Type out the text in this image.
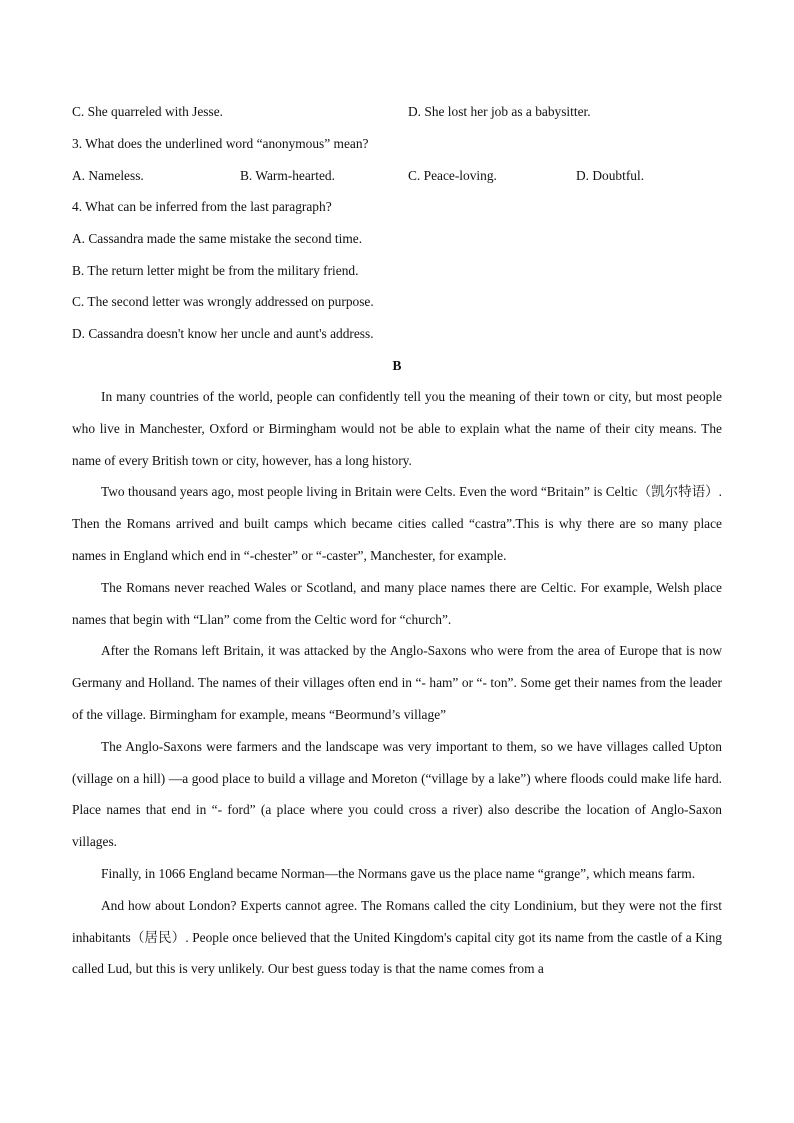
C. She quarreled with Jesse.	D. She lost her job as a babysitter.
3. What does the underlined word “anonymous” mean?
A. Nameless.	B. Warm-hearted.	C. Peace-loving.	D. Doubtful.
4. What can be inferred from the last paragraph?
A. Cassandra made the same mistake the second time.
B. The return letter might be from the military friend.
C. The second letter was wrongly addressed on purpose.
D. Cassandra doesn't know her uncle and aunt's address.
B

In many countries of the world, people can confidently tell you the meaning of their town or city, but most people who live in Manchester, Oxford or Birmingham would not be able to explain what the name of their city means. The name of every British town or city, however, has a long history.

Two thousand years ago, most people living in Britain were Celts. Even the word “Britain” is Celtic（凯尔特语）. Then the Romans arrived and built camps which became cities called “castra”.This is why there are so many place names in England which end in “-chester” or “-caster”, Manchester, for example.

The Romans never reached Wales or Scotland, and many place names there are Celtic. For example, Welsh place names that begin with “Llan” come from the Celtic word for “church”.

After the Romans left Britain, it was attacked by the Anglo-Saxons who were from the area of Europe that is now Germany and Holland. The names of their villages often end in “- ham” or “- ton”. Some get their names from the leader of the village. Birmingham for example, means “Beormund’s village”

The Anglo-Saxons were farmers and the landscape was very important to them, so we have villages called Upton (village on a hill) —a good place to build a village and Moreton (“village by a lake”) where floods could make life hard. Place names that end in “- ford” (a place where you could cross a river) also describe the location of Anglo-Saxon villages.

Finally, in 1066 England became Norman—the Normans gave us the place name “grange”, which means farm.

And how about London? Experts cannot agree. The Romans called the city Londinium, but they were not the first inhabitants（居民）. People once believed that the United Kingdom's capital city got its name from the castle of a King called Lud, but this is very unlikely. Our best guess today is that the name comes from a
